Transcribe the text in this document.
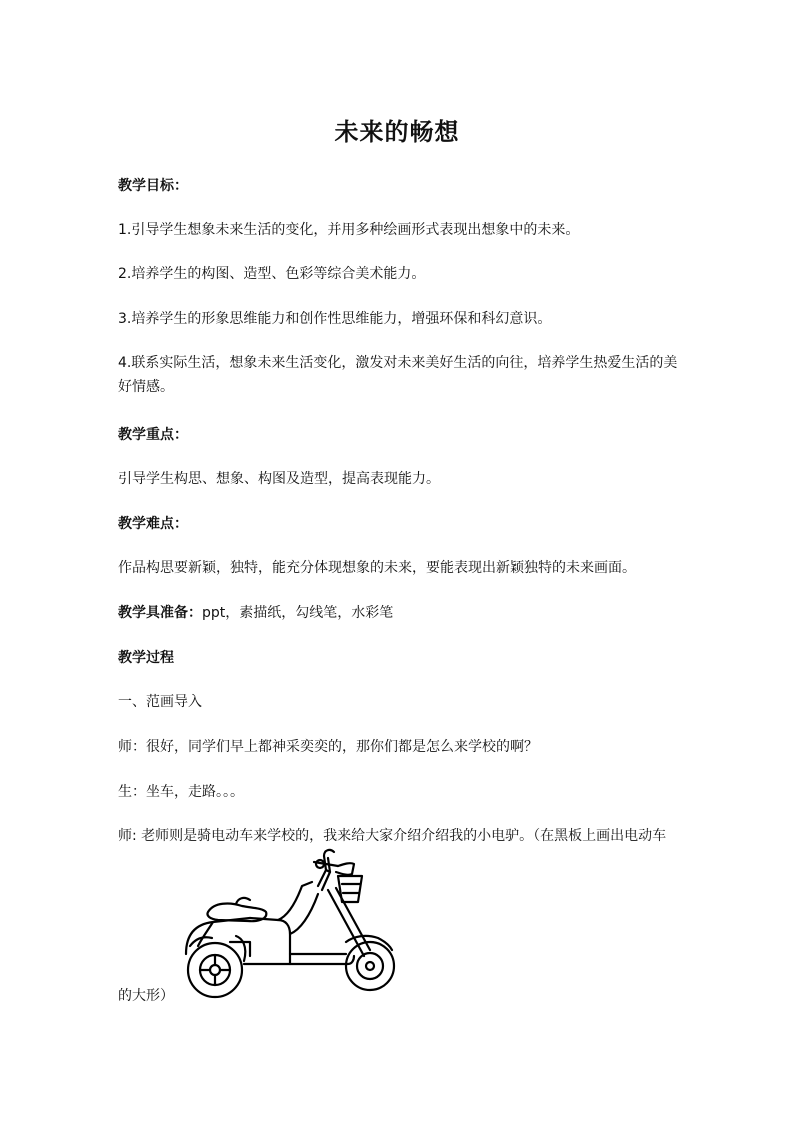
未来的畅想
教学目标：
1.引导学生想象未来生活的变化，并用多种绘画形式表现出想象中的未来。
2.培养学生的构图、造型、色彩等综合美术能力。
3.培养学生的形象思维能力和创作性思维能力，增强环保和科幻意识。
4.联系实际生活，想象未来生活变化，激发对未来美好生活的向往，培养学生热爱生活的美好情感。
教学重点：
引导学生构思、想象、构图及造型，提高表现能力。
教学难点：
作品构思要新颖，独特，能充分体现想象的未来，要能表现出新颖独特的未来画面。
教学具准备：ppt，素描纸，勾线笔，水彩笔
教学过程
一、范画导入
师：很好，同学们早上都神采奕奕的，那你们都是怎么来学校的啊？
生：坐车，走路。。。
师: 老师则是骑电动车来学校的，我来给大家介绍介绍我的小电驴。（在黑板上画出电动车
的大形）
